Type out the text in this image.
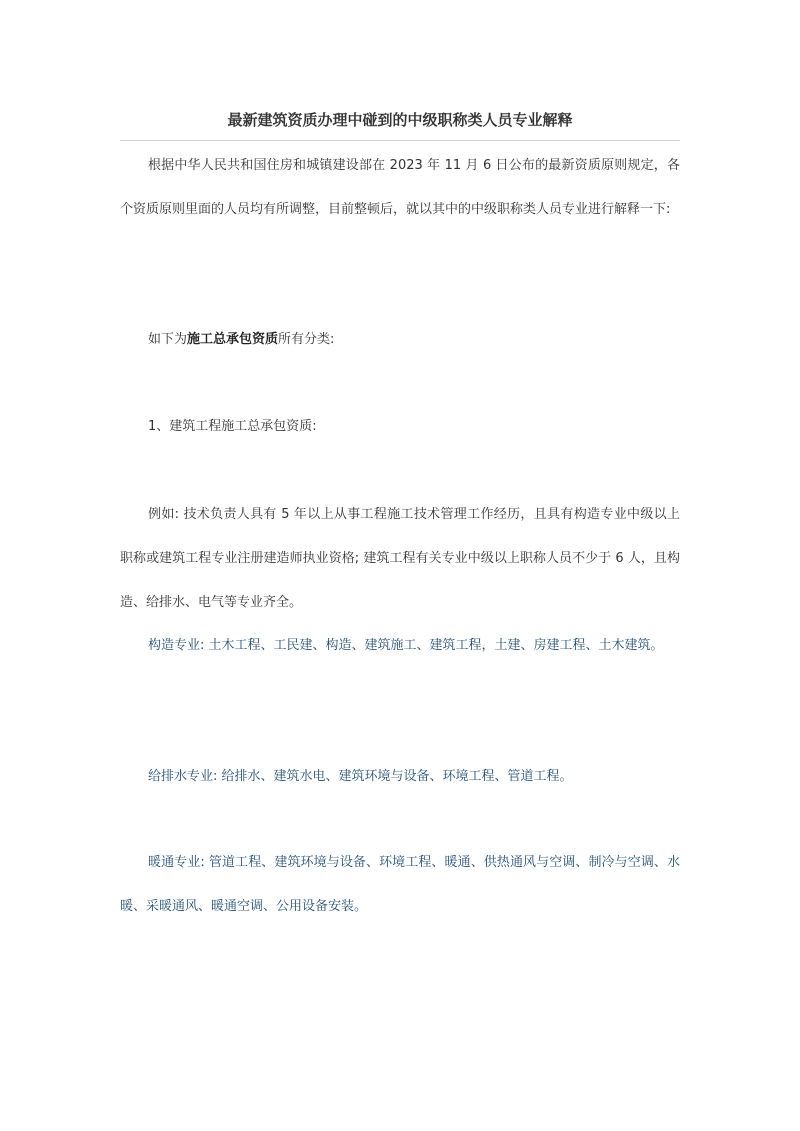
最新建筑资质办理中碰到的中级职称类人员专业解释

根据中华人民共和国住房和城镇建设部在 2023 年 11 月 6 日公布的最新资质原则规定，各个资质原则里面的人员均有所调整，目前整顿后，就以其中的中级职称类人员专业进行解释一下:

如下为施工总承包资质所有分类:

1、建筑工程施工总承包资质:

例如: 技术负责人具有 5 年以上从事工程施工技术管理工作经历，且具有构造专业中级以上职称或建筑工程专业注册建造师执业资格; 建筑工程有关专业中级以上职称人员不少于 6 人，且构造、给排水、电气等专业齐全。

构造专业: 土木工程、工民建、构造、建筑施工、建筑工程，土建、房建工程、土木建筑。

给排水专业: 给排水、建筑水电、建筑环境与设备、环境工程、管道工程。

暖通专业: 管道工程、建筑环境与设备、环境工程、暖通、供热通风与空调、制冷与空调、水暖、采暖通风、暖通空调、公用设备安装。
